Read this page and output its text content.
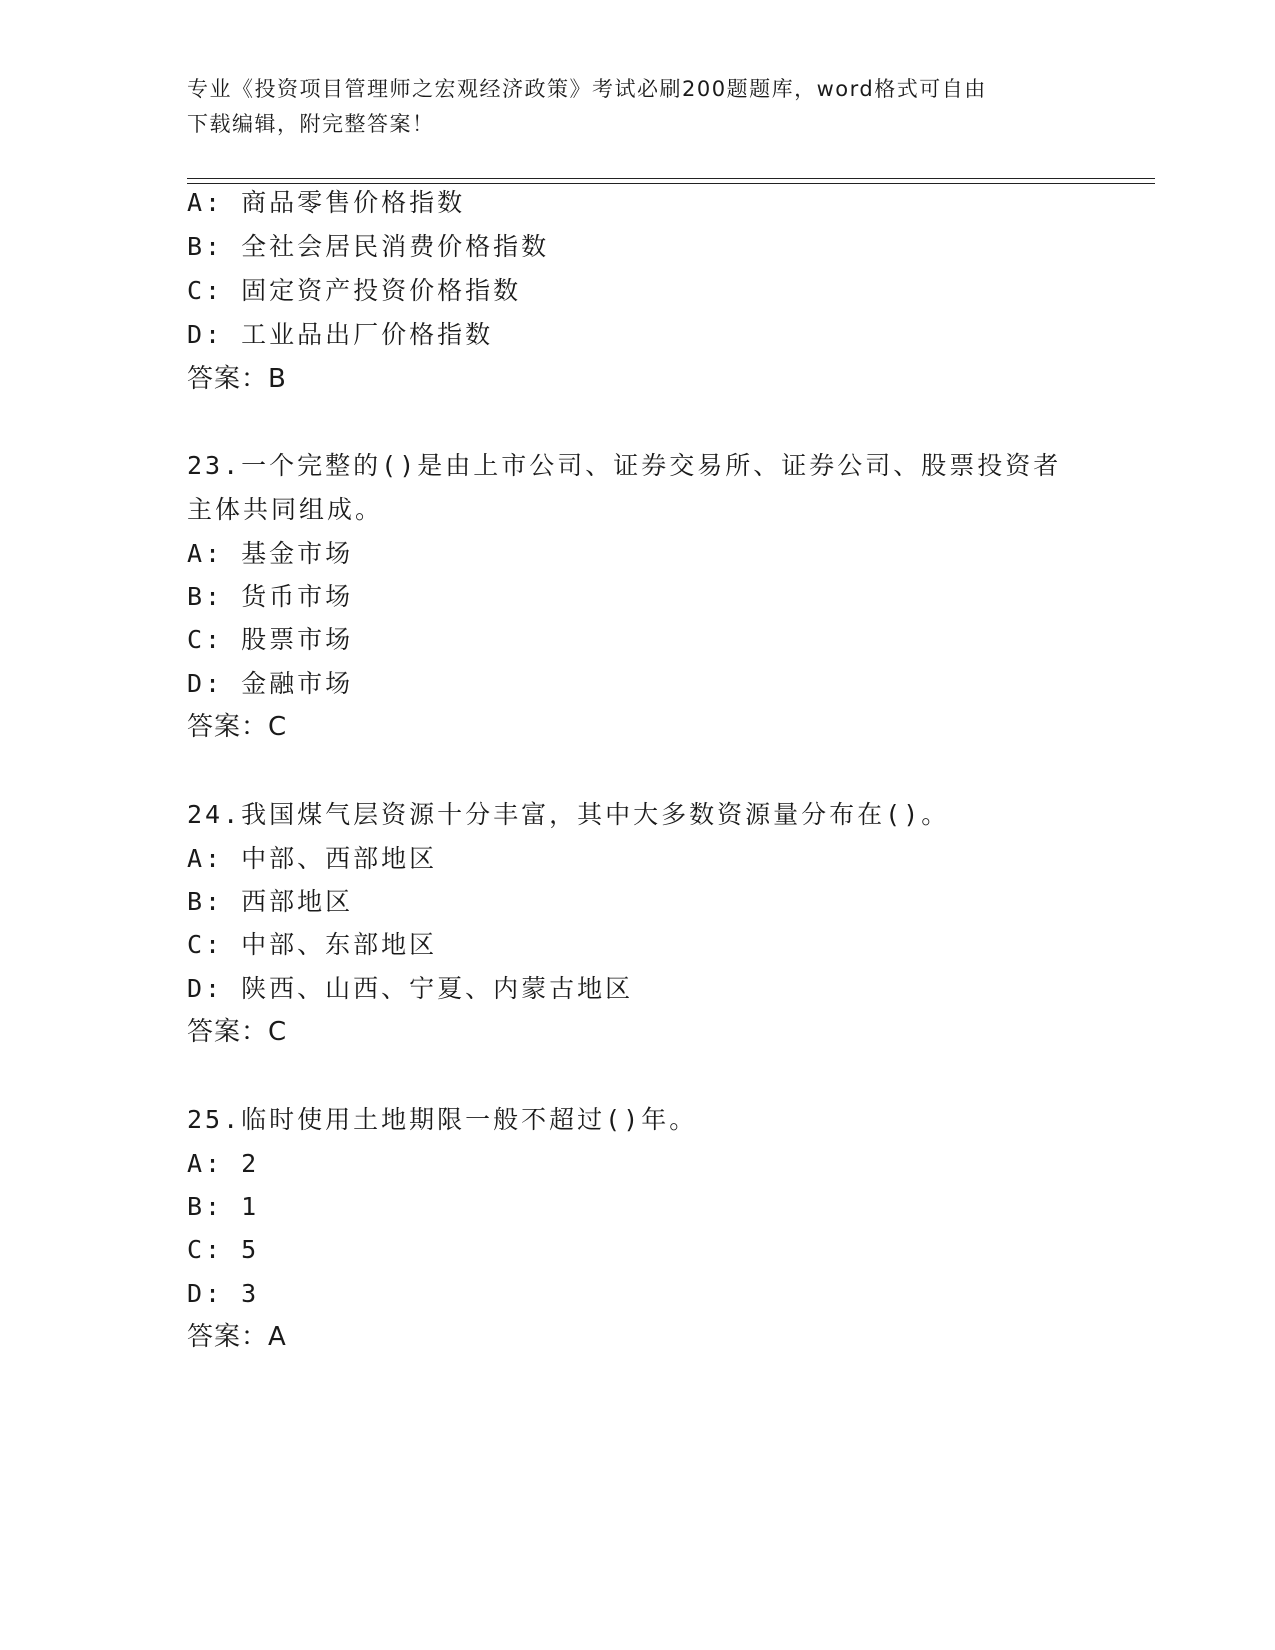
专业《投资项目管理师之宏观经济政策》考试必刷200题题库，word格式可自由
下载编辑，附完整答案！
A: 商品零售价格指数
B: 全社会居民消费价格指数
C: 固定资产投资价格指数
D: 工业品出厂价格指数
答案：B
23.一个完整的()是由上市公司、证券交易所、证券公司、股票投资者
主体共同组成。
A: 基金市场
B: 货币市场
C: 股票市场
D: 金融市场
答案：C
24.我国煤气层资源十分丰富，其中大多数资源量分布在()。
A: 中部、西部地区
B: 西部地区
C: 中部、东部地区
D: 陕西、山西、宁夏、内蒙古地区
答案：C
25.临时使用土地期限一般不超过()年。
A: 2
B: 1
C: 5
D: 3
答案：A
